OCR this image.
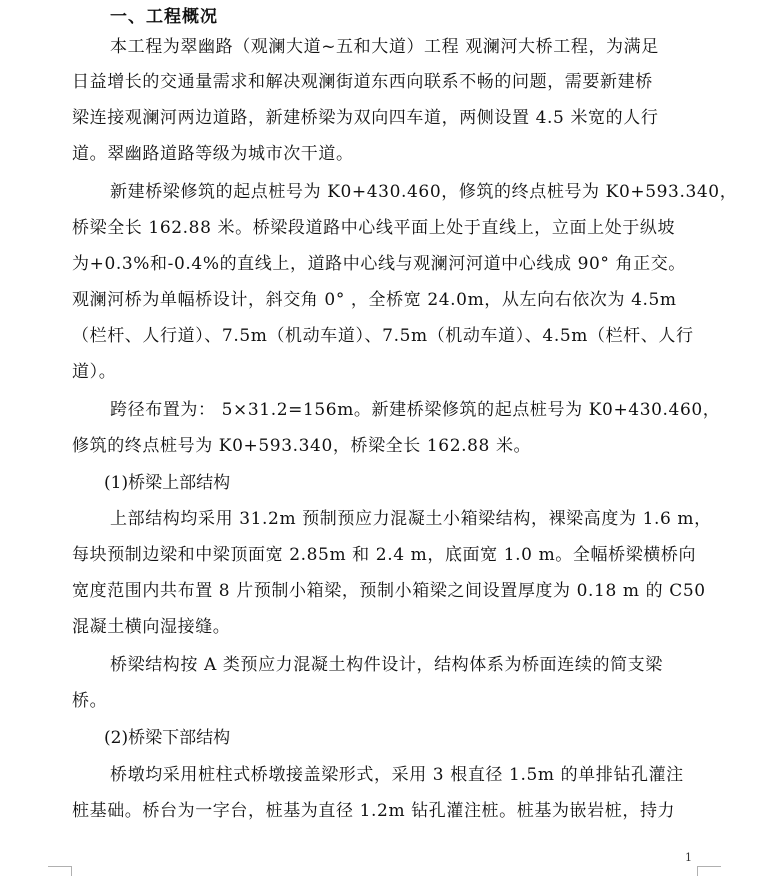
一、工程概况
本工程为翠幽路（观澜大道~五和大道）工程 观澜河大桥工程，为满足
日益增长的交通量需求和解决观澜街道东西向联系不畅的问题，需要新建桥
梁连接观澜河两边道路，新建桥梁为双向四车道，两侧设置 4.5 米宽的人行
道。翠幽路道路等级为城市次干道。
新建桥梁修筑的起点桩号为 K0+430.460，修筑的终点桩号为 K0+593.340，
桥梁全长 162.88 米。桥梁段道路中心线平面上处于直线上，立面上处于纵坡
为+0.3%和-0.4%的直线上，道路中心线与观澜河河道中心线成 90° 角正交。
观澜河桥为单幅桥设计，斜交角 0° ，全桥宽 24.0m，从左向右依次为 4.5m
（栏杆、人行道）、7.5m（机动车道）、7.5m（机动车道）、4.5m（栏杆、人行
道）。
跨径布置为： 5×31.2=156m。新建桥梁修筑的起点桩号为 K0+430.460，
修筑的终点桩号为 K0+593.340，桥梁全长 162.88 米。
(1)桥梁上部结构
上部结构均采用 31.2m 预制预应力混凝土小箱梁结构，裸梁高度为 1.6 m，
每块预制边梁和中梁顶面宽 2.85m 和 2.4 m，底面宽 1.0 m。全幅桥梁横桥向
宽度范围内共布置 8 片预制小箱梁，预制小箱梁之间设置厚度为 0.18 m 的 C50
混凝土横向湿接缝。
桥梁结构按 A 类预应力混凝土构件设计，结构体系为桥面连续的简支梁
桥。
(2)桥梁下部结构
桥墩均采用桩柱式桥墩接盖梁形式，采用 3 根直径 1.5m 的单排钻孔灌注
桩基础。桥台为一字台，桩基为直径 1.2m 钻孔灌注桩。桩基为嵌岩桩，持力
1
